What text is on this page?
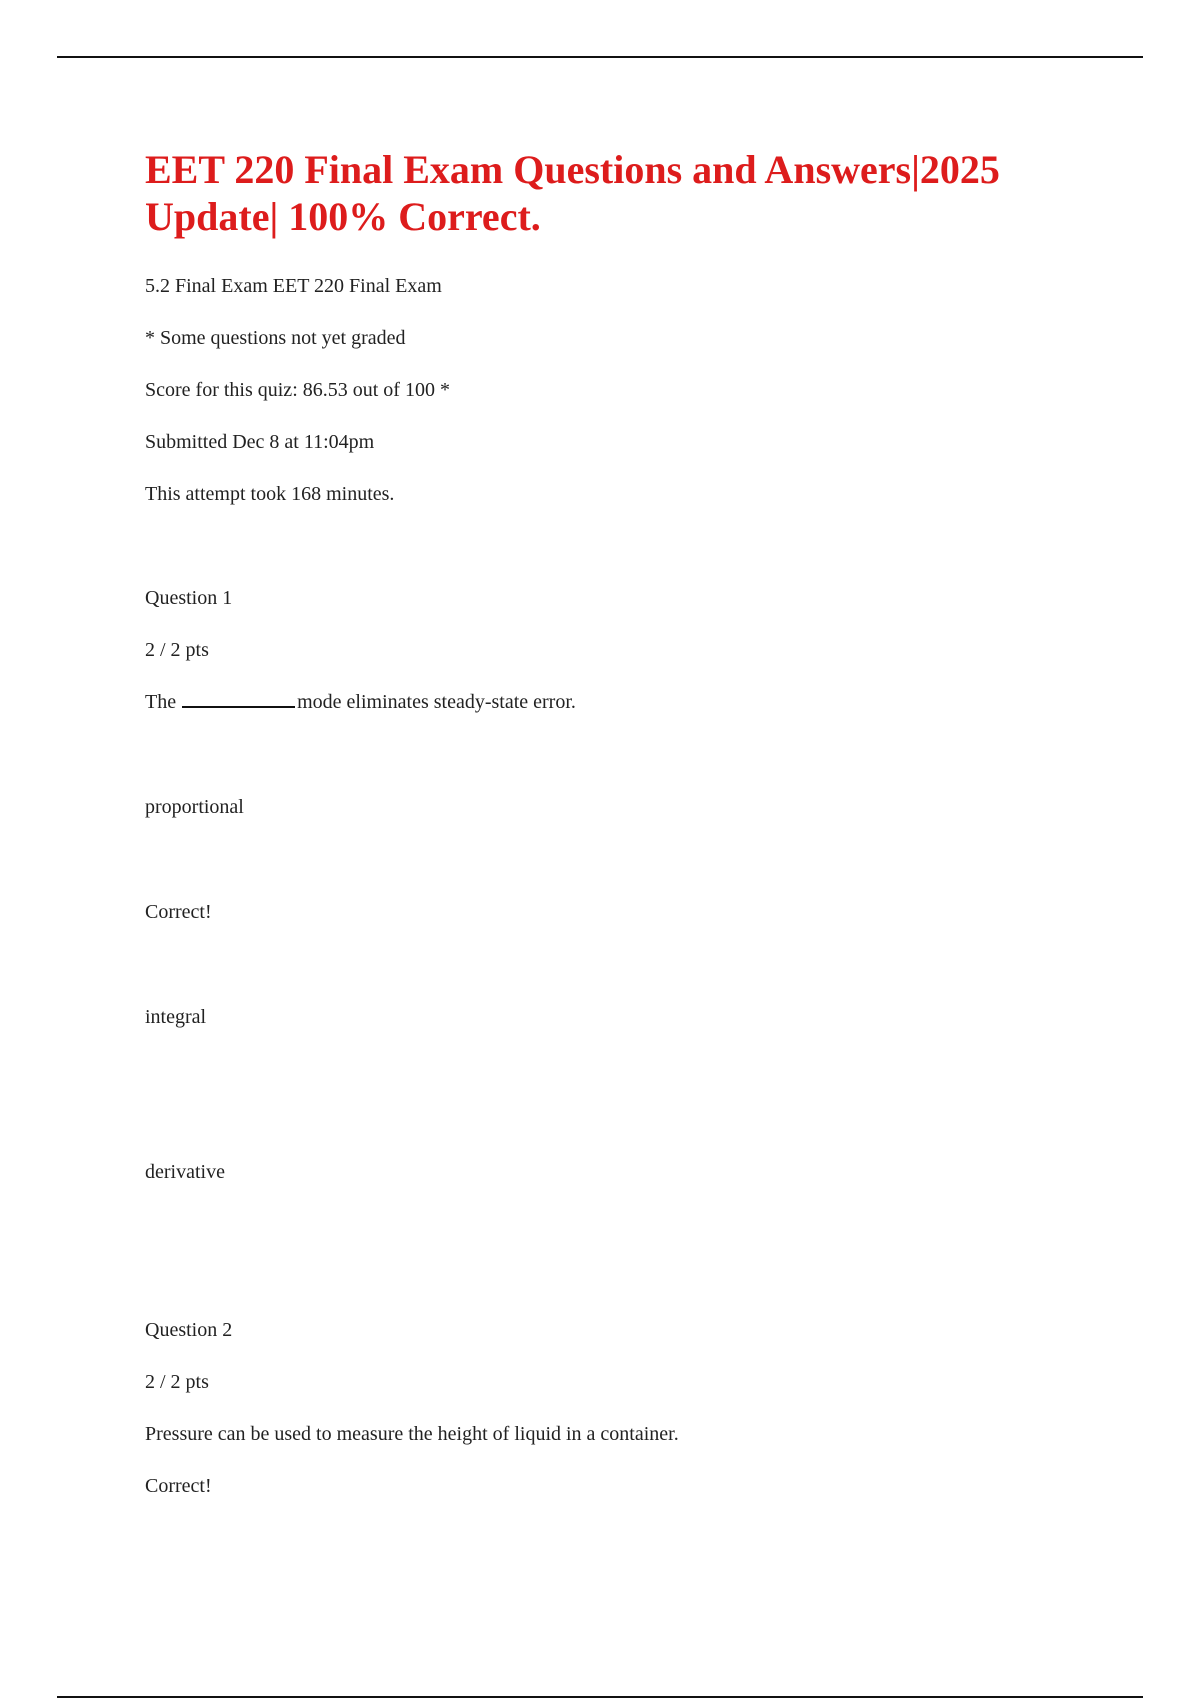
EET 220 Final Exam Questions and Answers|2025 Update| 100% Correct.
5.2 Final Exam EET 220 Final Exam
* Some questions not yet graded
Score for this quiz: 86.53 out of 100 *
Submitted Dec 8 at 11:04pm
This attempt took 168 minutes.
Question 1
2 / 2 pts
The	mode eliminates steady-state error.
proportional
Correct!
integral
derivative
Question 2
2 / 2 pts
Pressure can be used to measure the height of liquid in a container.
Correct!
